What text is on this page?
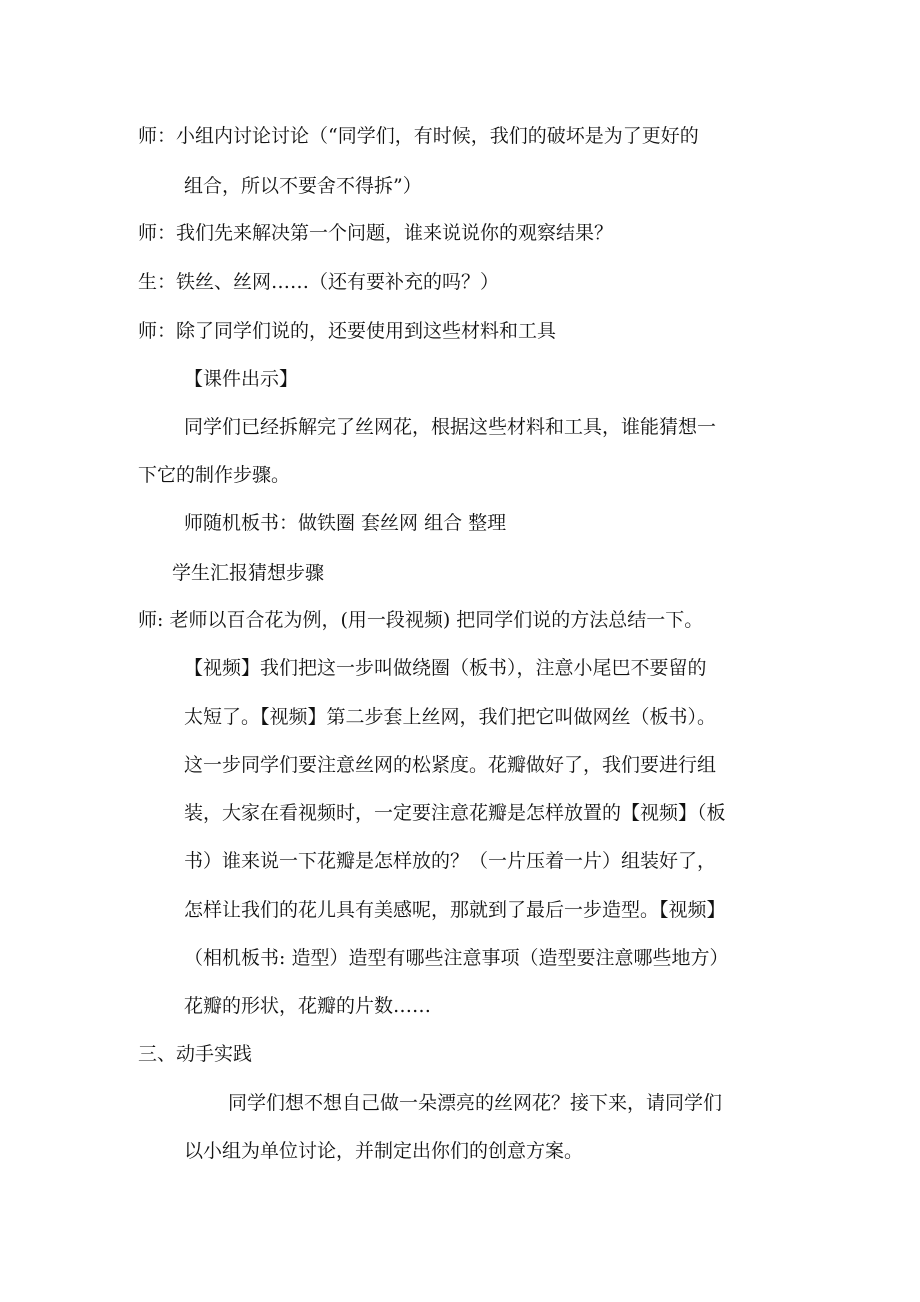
师：小组内讨论讨论（“同学们，有时候，我们的破坏是为了更好的
组合，所以不要舍不得拆”）
师：我们先来解决第一个问题，谁来说说你的观察结果？
生：铁丝、丝网……（还有要补充的吗？）
师：除了同学们说的，还要使用到这些材料和工具
【课件出示】
同学们已经拆解完了丝网花，根据这些材料和工具，谁能猜想一
下它的制作步骤。
师随机板书：做铁圈 套丝网 组合 整理
学生汇报猜想步骤
师: 老师以百合花为例，(用一段视频) 把同学们说的方法总结一下。
【视频】我们把这一步叫做绕圈（板书），注意小尾巴不要留的
太短了。【视频】第二步套上丝网，我们把它叫做网丝（板书）。
这一步同学们要注意丝网的松紧度。花瓣做好了，我们要进行组
装，大家在看视频时，一定要注意花瓣是怎样放置的【视频】（板
书）谁来说一下花瓣是怎样放的？（一片压着一片）组装好了，
怎样让我们的花儿具有美感呢，那就到了最后一步造型。【视频】
（相机板书: 造型）造型有哪些注意事项（造型要注意哪些地方）
花瓣的形状，花瓣的片数……
三、动手实践
同学们想不想自己做一朵漂亮的丝网花？接下来，请同学们
以小组为单位讨论，并制定出你们的创意方案。
